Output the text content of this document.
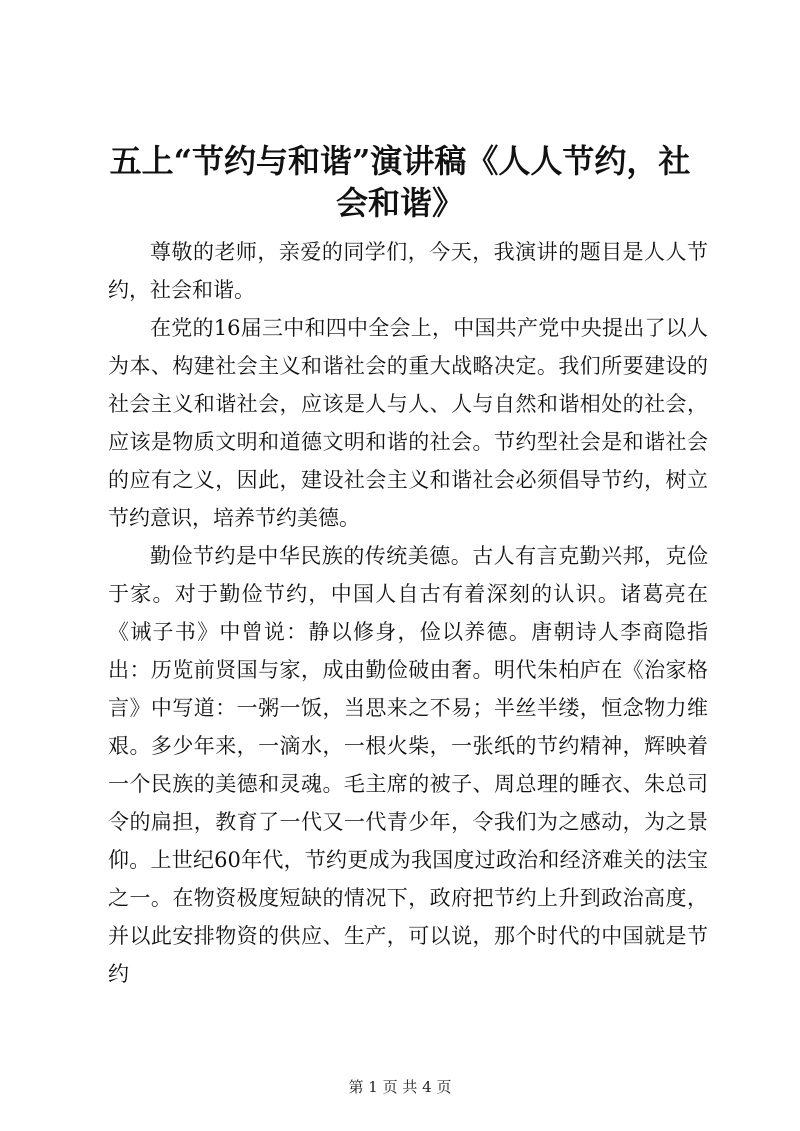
五上“节约与和谐”演讲稿《人人节约，社会和谐》

尊敬的老师，亲爱的同学们，今天，我演讲的题目是人人节约，社会和谐。

在党的16届三中和四中全会上，中国共产党中央提出了以人为本、构建社会主义和谐社会的重大战略决定。我们所要建设的社会主义和谐社会，应该是人与人、人与自然和谐相处的社会，应该是物质文明和道德文明和谐的社会。节约型社会是和谐社会的应有之义，因此，建设社会主义和谐社会必须倡导节约，树立节约意识，培养节约美德。

勤俭节约是中华民族的传统美德。古人有言克勤兴邦，克俭于家。对于勤俭节约，中国人自古有着深刻的认识。诸葛亮在《诫子书》中曾说：静以修身，俭以养德。唐朝诗人李商隐指出：历览前贤国与家，成由勤俭破由奢。明代朱柏庐在《治家格言》中写道：一粥一饭，当思来之不易；半丝半缕，恒念物力维艰。多少年来，一滴水，一根火柴，一张纸的节约精神，辉映着一个民族的美德和灵魂。毛主席的被子、周总理的睡衣、朱总司令的扁担，教育了一代又一代青少年，令我们为之感动，为之景仰。上世纪60年代，节约更成为我国度过政治和经济难关的法宝之一。在物资极度短缺的情况下，政府把节约上升到政治高度，并以此安排物资的供应、生产，可以说，那个时代的中国就是节约

第 1 页 共 4 页
